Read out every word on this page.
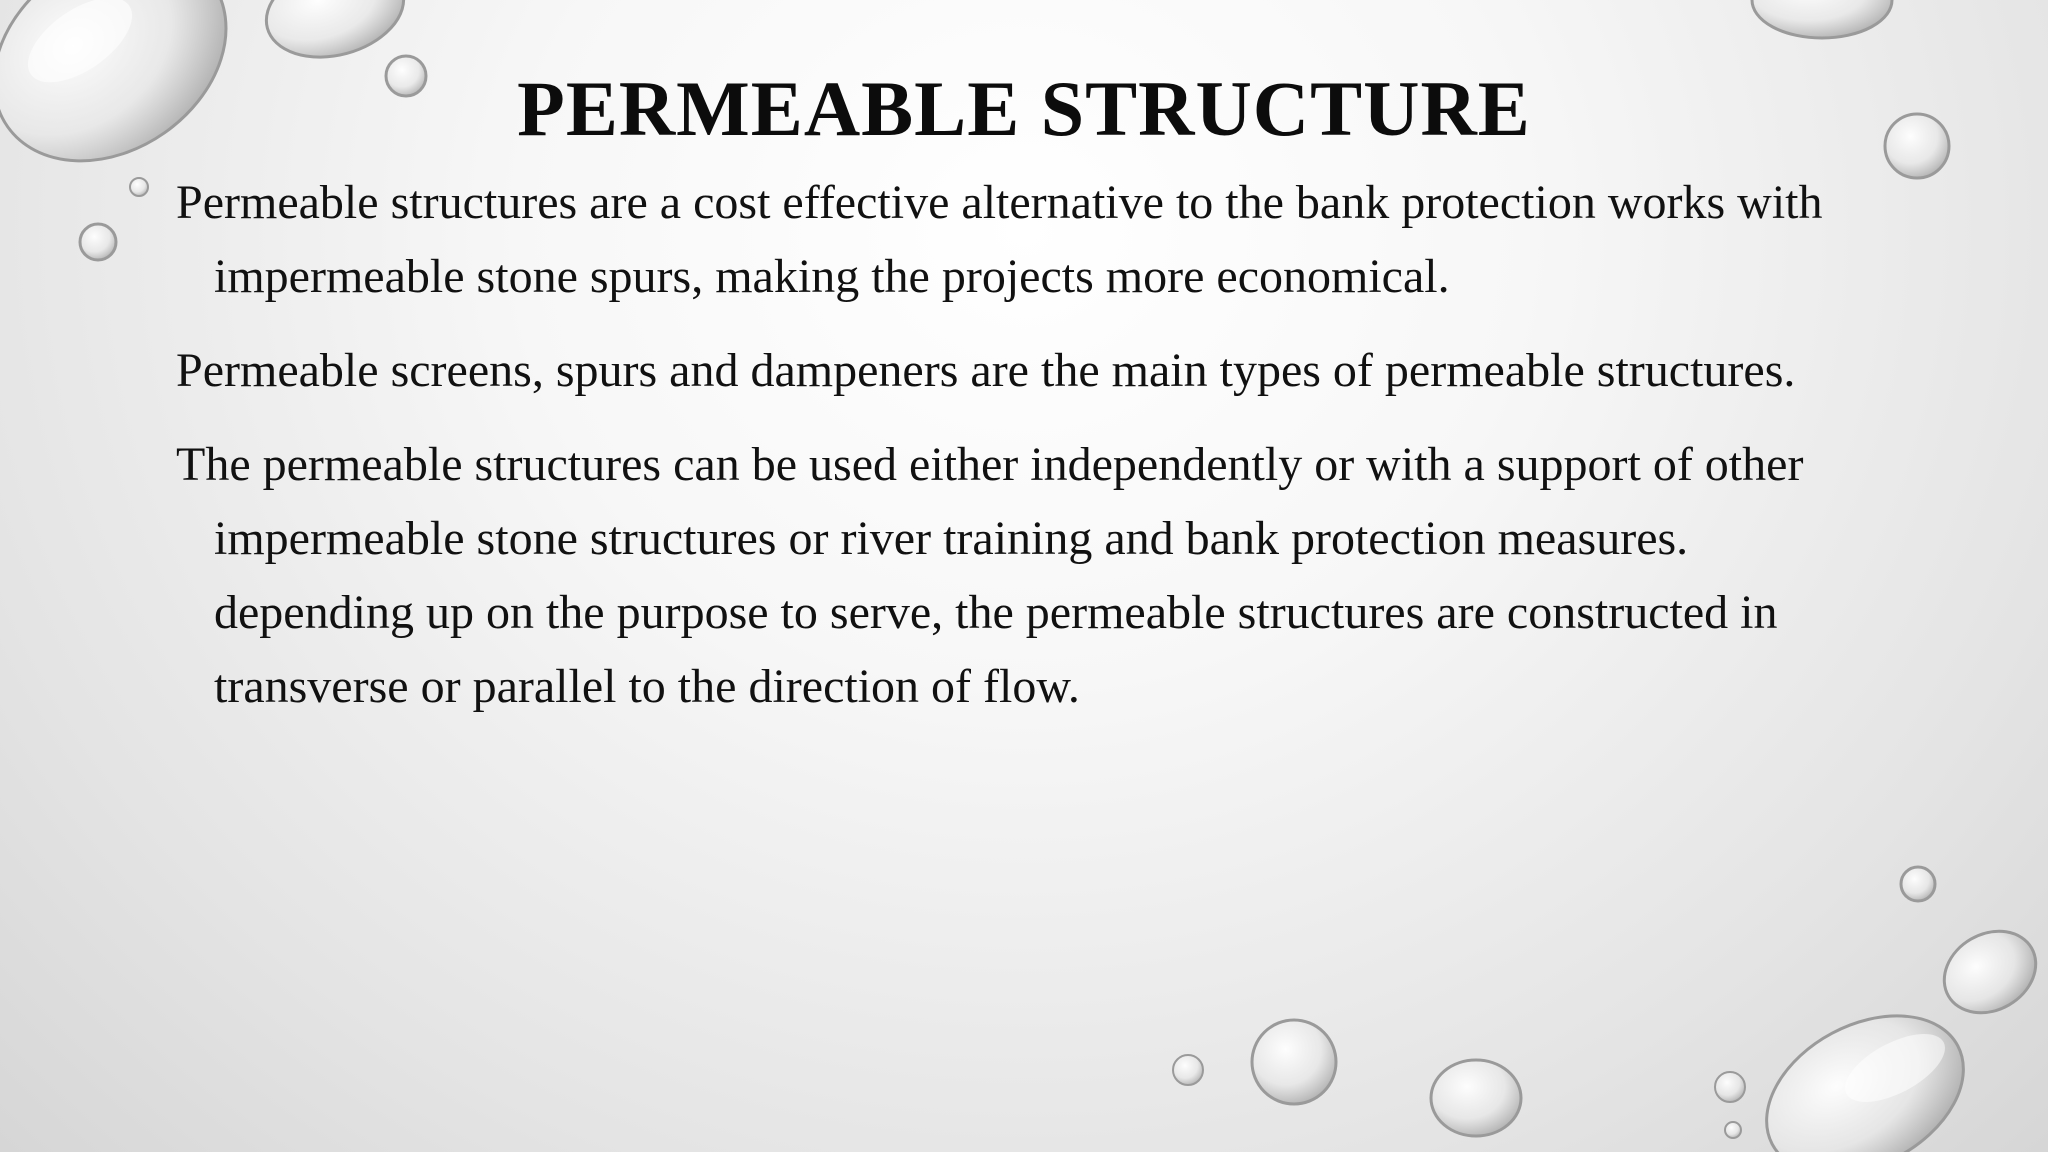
PERMEABLE STRUCTURE

Permeable structures are a cost effective alternative to the bank protection works with impermeable stone spurs, making the projects more economical.

Permeable screens, spurs and dampeners are the main types of permeable structures.

The permeable structures can be used either independently or with a support of other impermeable stone structures or river training and bank protection measures. depending up on the purpose to serve, the permeable structures are constructed in transverse or parallel to the direction of flow.
